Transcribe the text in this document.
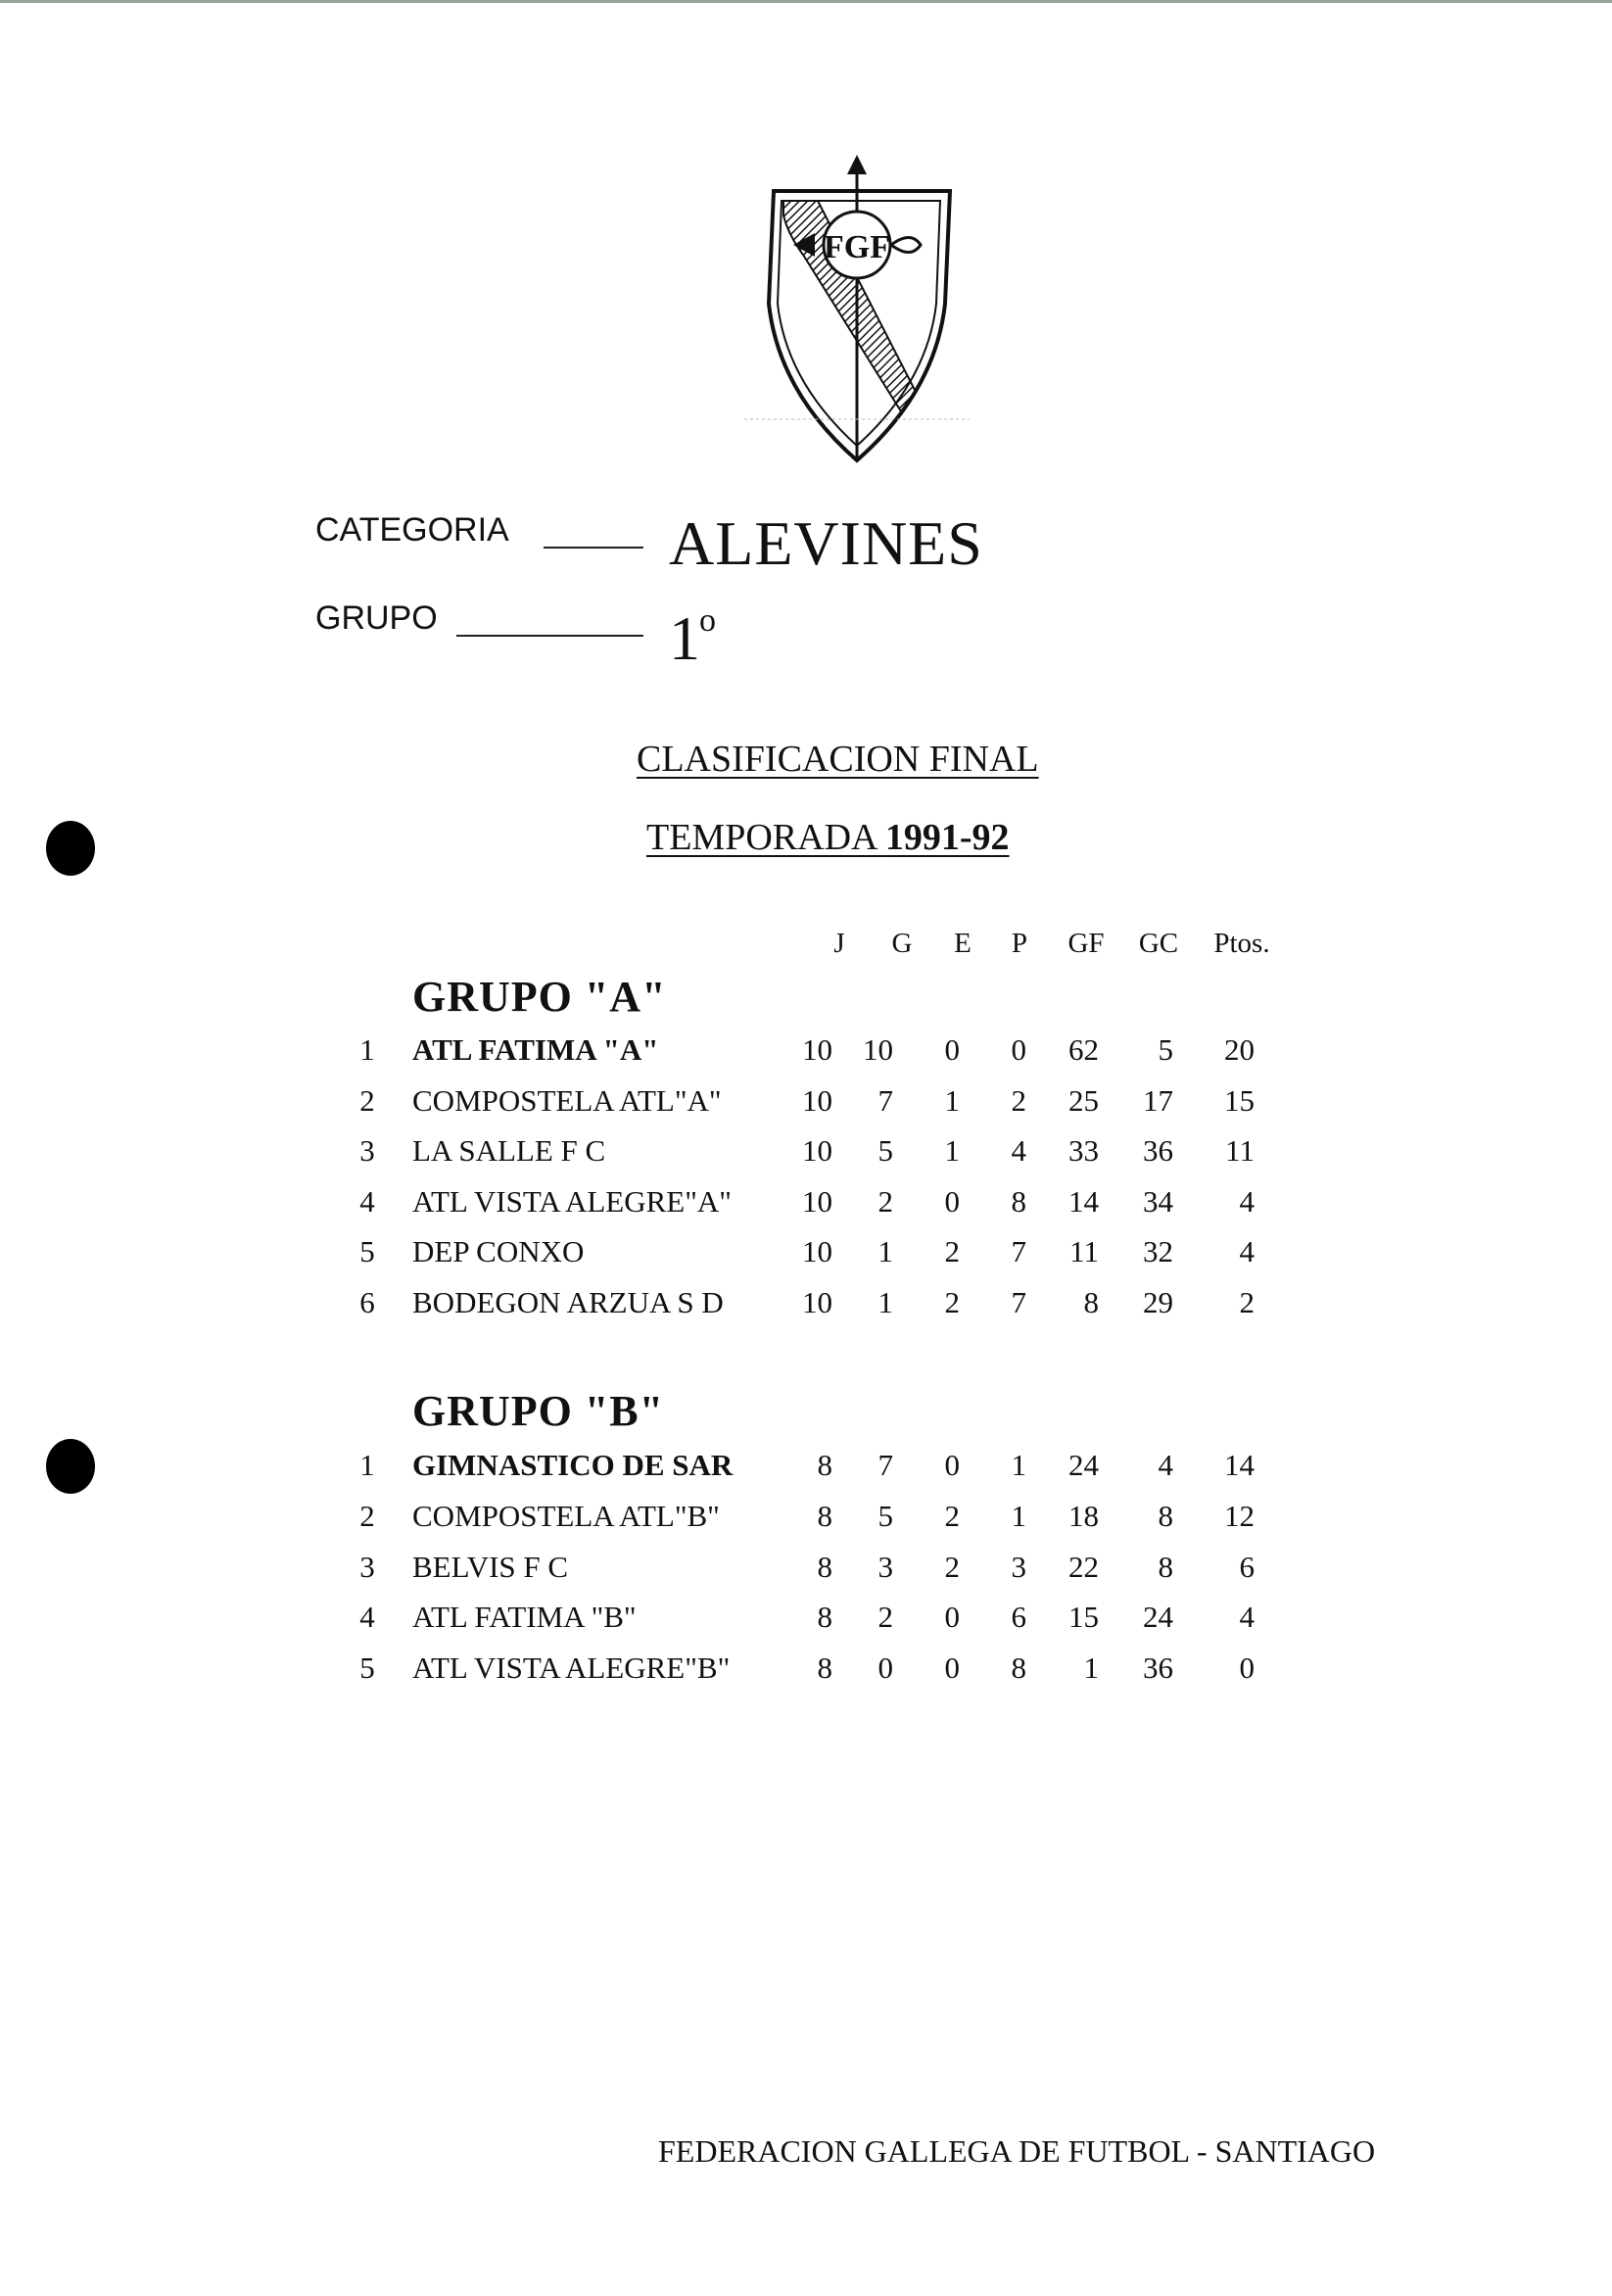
FGF
CATEGORIA	ALEVINES
GRUPO	1
o
CLASIFICACION FINAL
TEMPORADA 1991-92
J	G	E	P	GF	GC	Ptos.
GRUPO "A"
1	ATL FATIMA "A"	10	10	0	0	62	5	20
2	COMPOSTELA ATL"A"	10	7	1	2	25	17	15
3	LA SALLE F C	10	5	1	4	33	36	11
4	ATL VISTA ALEGRE"A"	10	2	0	8	14	34	4
5	DEP CONXO	10	1	2	7	11	32	4
6	BODEGON ARZUA S D	10	1	2	7	8	29	2
GRUPO "B"
1	GIMNASTICO DE SAR	8	7	0	1	24	4	14
2	COMPOSTELA ATL"B"	8	5	2	1	18	8	12
3	BELVIS F C	8	3	2	3	22	8	6
4	ATL FATIMA "B"	8	2	0	6	15	24	4
5	ATL VISTA ALEGRE"B"	8	0	0	8	1	36	0
FEDERACION GALLEGA DE FUTBOL - SANTIAGO
